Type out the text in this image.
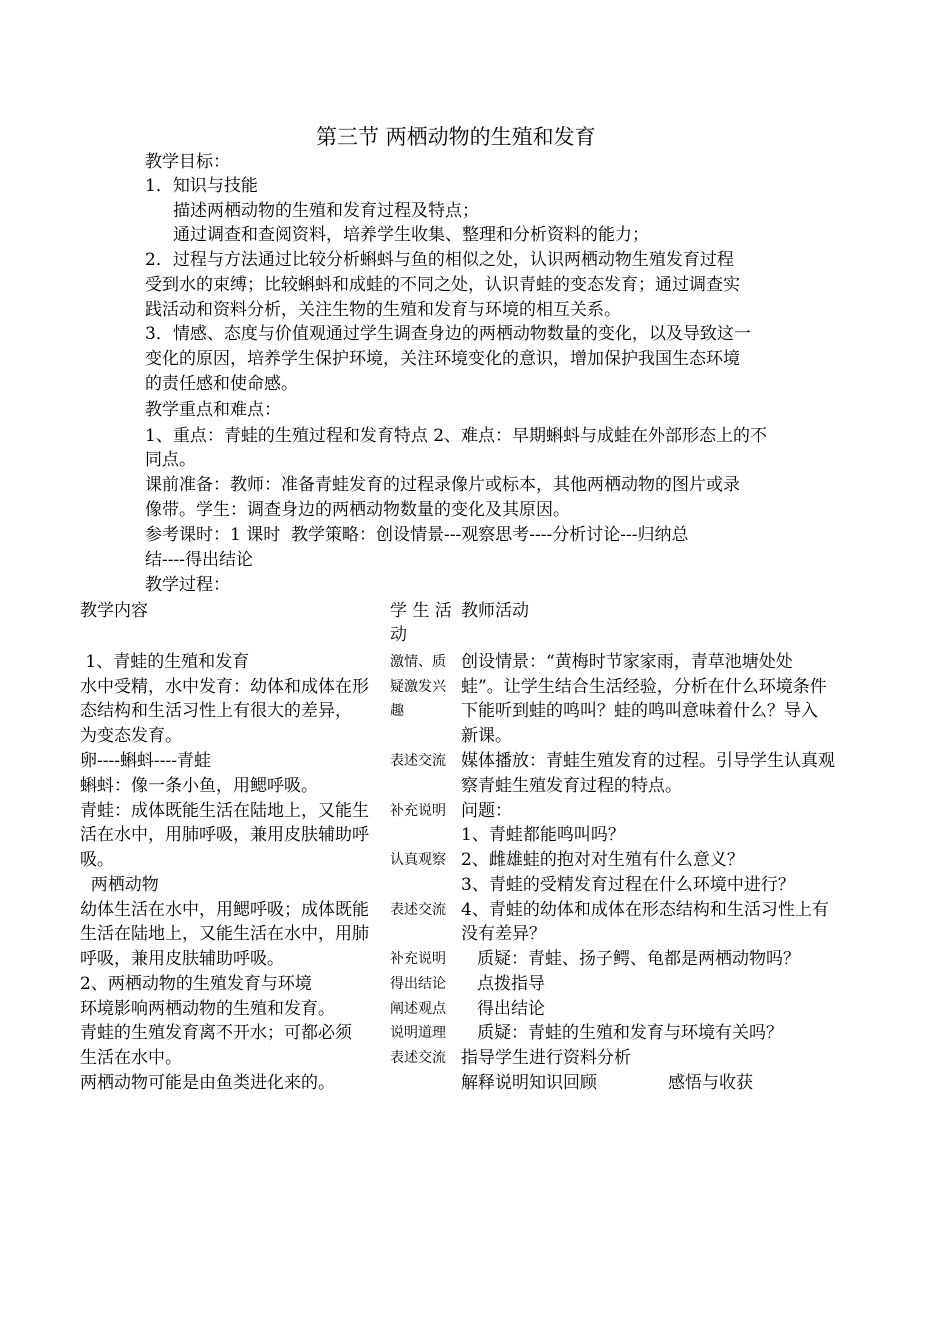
第三节 两栖动物的生殖和发育
教学目标：
1．知识与技能
描述两栖动物的生殖和发育过程及特点；
通过调查和查阅资料，培养学生收集、整理和分析资料的能力；
2．过程与方法通过比较分析蝌蚪与鱼的相似之处，认识两栖动物生殖发育过程
受到水的束缚；比较蝌蚪和成蛙的不同之处，认识青蛙的变态发育；通过调查实
践活动和资料分析，关注生物的生殖和发育与环境的相互关系。
3．情感、态度与价值观通过学生调查身边的两栖动物数量的变化，以及导致这一
变化的原因，培养学生保护环境，关注环境变化的意识，增加保护我国生态环境
的责任感和使命感。
教学重点和难点：
1、重点：青蛙的生殖过程和发育特点 2、难点：早期蝌蚪与成蛙在外部形态上的不
同点。
课前准备：教师：准备青蛙发育的过程录像片或标本，其他两栖动物的图片或录
像带。学生：调查身边的两栖动物数量的变化及其原因。
参考课时：1 课时  教学策略：创设情景---观察思考----分析讨论---归纳总
结----得出结论
教学过程：
教学内容	学 生 活
动
教师活动
1、青蛙的生殖和发育
水中受精，水中发育：幼体和成体在形
态结构和生活习性上有很大的差异，
为变态发育。
卵----蝌蚪----青蛙
蝌蚪：像一条小鱼，用鳃呼吸。
青蛙：成体既能生活在陆地上，又能生
活在水中，用肺呼吸，兼用皮肤辅助呼
吸。
两栖动物
幼体生活在水中，用鳃呼吸；成体既能
生活在陆地上，又能生活在水中，用肺
呼吸，兼用皮肤辅助呼吸。
2、两栖动物的生殖发育与环境
环境影响两栖动物的生殖和发育。
青蛙的生殖发育离不开水；可都必须
生活在水中。
两栖动物可能是由鱼类进化来的。
激情、质
疑激发兴
趣
表述交流
补充说明
认真观察
表述交流
补充说明
得出结论
阐述观点
说明道理
表述交流
创设情景：“黄梅时节家家雨，青草池塘处处
蛙”。让学生结合生活经验，分析在什么环境条件
下能听到蛙的鸣叫？蛙的鸣叫意味着什么？导入
新课。
媒体播放：青蛙生殖发育的过程。引导学生认真观
察青蛙生殖发育过程的特点。
问题：
1、青蛙都能鸣叫吗？
2、雌雄蛙的抱对对生殖有什么意义？
3、青蛙的受精发育过程在什么环境中进行？
4、青蛙的幼体和成体在形态结构和生活习性上有
没有差异？
质疑：青蛙、扬子鳄、龟都是两栖动物吗？
点拨指导
得出结论
质疑：青蛙的生殖和发育与环境有关吗？
指导学生进行资料分析
解释说明知识回顾	感悟与收获
